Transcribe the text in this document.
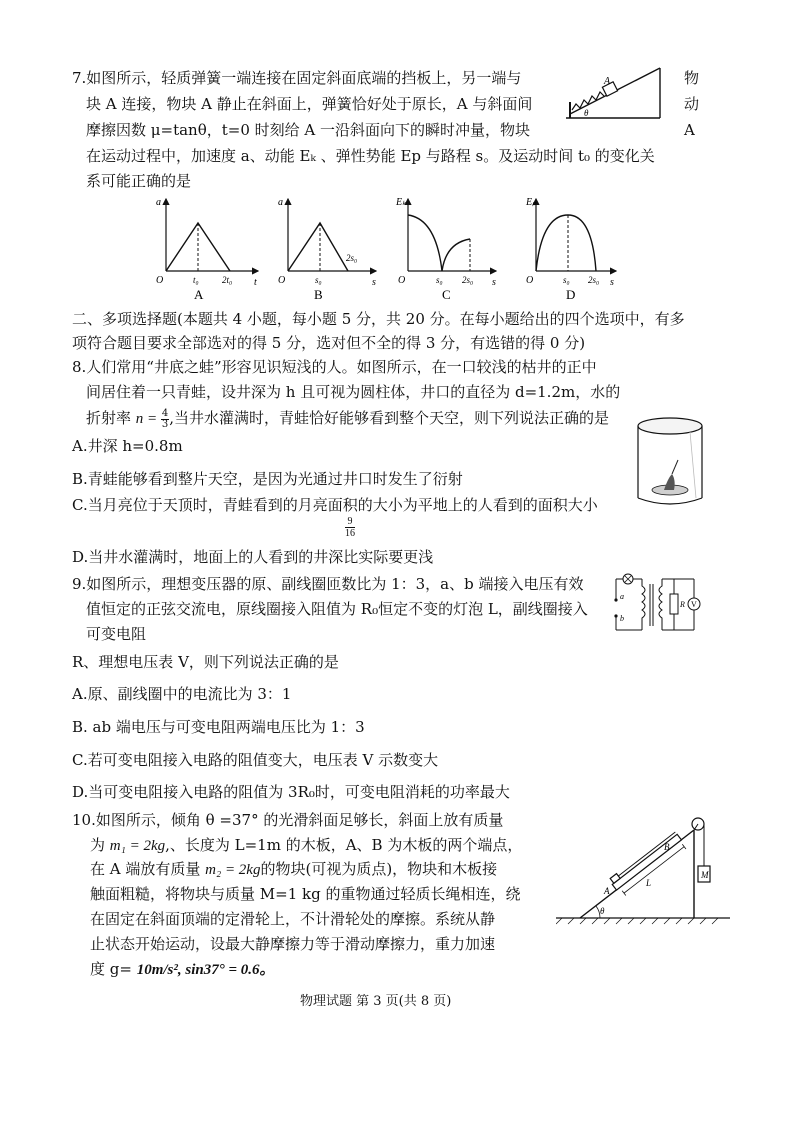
7.如图所示，轻质弹簧一端连接在固定斜面底端的挡板上，另一端与
块 A 连接，物块 A 静止在斜面上，弹簧恰好处于原长，A 与斜面间
摩擦因数 μ=tanθ，t=0 时刻给 A 一沿斜面向下的瞬时冲量，物块
在运动过程中，加速度 a、动能 Eₖ 、弹性势能 Ep 与路程 s。及运动时间 t₀ 的变化关
系可能正确的是
物
动
A
A
θ
a
t
O	t₀	2t₀
A
a
s
O	s₀
2s₀
B
Eₖ
s
O	s₀ 2s₀
C
Eₚ
s
O	s₀ 2s₀
D
二、多项选择题(本题共 4 小题，每小题 5 分，共 20 分。在每小题给出的四个选项中，有多
项符合题目要求全部选对的得 5 分，选对但不全的得 3 分，有选错的得 0 分)
8.人们常用“井底之蛙”形容见识短浅的人。如图所示，在一口较浅的枯井的正中
间居住着一只青蛙，设井深为 h 且可视为圆柱体，井口的直径为 d=1.2m，水的
折射率 $n = \frac{4}{3}$ ,当井水灌满时，青蛙恰好能够看到整个天空，则下列说法正确的是
A.井深 h=0.8m
B.青蛙能够看到整片天空，是因为光通过井口时发生了衍射
C.当月亮位于天顶时，青蛙看到的月亮面积的大小为平地上的人看到的面积大小
$\frac{9}{16}$
D.当井水灌满时，地面上的人看到的井深比实际要更浅
9.如图所示，理想变压器的原、副线圈匝数比为 1：3，a、b 端接入电压有效
值恒定的正弦交流电，原线圈接入阻值为 R₀恒定不变的灯泡 L，副线圈接入
可变电阻
R、理想电压表 V，则下列说法正确的是
A.原、副线圈中的电流比为 3：1
B. ab 端电压与可变电阻两端电压比为 1：3
C.若可变电阻接入电路的阻值变大，电压表 V 示数变大
D.当可变电阻接入电路的阻值为 3R₀时，可变电阻消耗的功率最大
a
b
R V
10.如图所示，倾角 θ =37° 的光滑斜面足够长，斜面上放有质量
为 m₁ = 2kg,、长度为 L=1m 的木板，A、B 为木板的两个端点，
在 A 端放有质量 m₂ = 2kg的物块(可视为质点)，物块和木板接
触面粗糙，将物块与质量 M=1 kg 的重物通过轻质长绳相连，绕
在固定在斜面顶端的定滑轮上，不计滑轮处的摩擦。系统从静
止状态开始运动，设最大静摩擦力等于滑动摩擦力，重力加速
度 g= 10m/s², sin37° = 0.6。
B
A
L
M
θ
物理试题 第 3 页(共 8 页)
